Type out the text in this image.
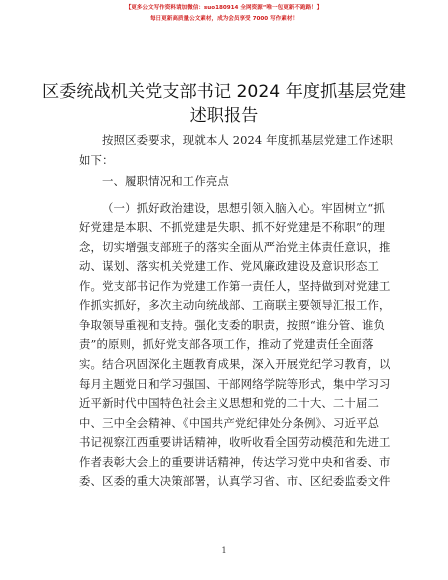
【更多公文写作资料请加微信：suo180914 全网资源“唯一包更新不跑路！】
每日更新高质量公文素材，成为会员享受 7000 写作素材！
区委统战机关党支部书记 2024 年度抓基层党建
述职报告
按照区委要求，现就本人 2024 年度抓基层党建工作述职
如下：
一、履职情况和工作亮点
（一）抓好政治建设，思想引领入脑入心。牢固树立“抓
好党建是本职、不抓党建是失职、抓不好党建是不称职”的理
念，切实增强支部班子的落实全面从严治党主体责任意识，推
动、谋划、落实机关党建工作、党风廉政建设及意识形态工
作。党支部书记作为党建工作第一责任人，坚持做到对党建工
作抓实抓好，多次主动向统战部、工商联主要领导汇报工作，
争取领导重视和支持。强化支委的职责，按照“谁分管、谁负
责”的原则，抓好党支部各项工作，推动了党建责任全面落
实。结合巩固深化主题教育成果，深入开展党纪学习教育，以
每月主题党日和学习强国、干部网络学院等形式，集中学习习
近平新时代中国特色社会主义思想和党的二十大、二十届二
中、三中全会精神、《中国共产党纪律处分条例》、习近平总
书记视察江西重要讲话精神，收听收看全国劳动模范和先进工
作者表彰大会上的重要讲话精神，传达学习党中央和省委、市
委、区委的重大决策部署，认真学习省、市、区纪委监委文件
1
